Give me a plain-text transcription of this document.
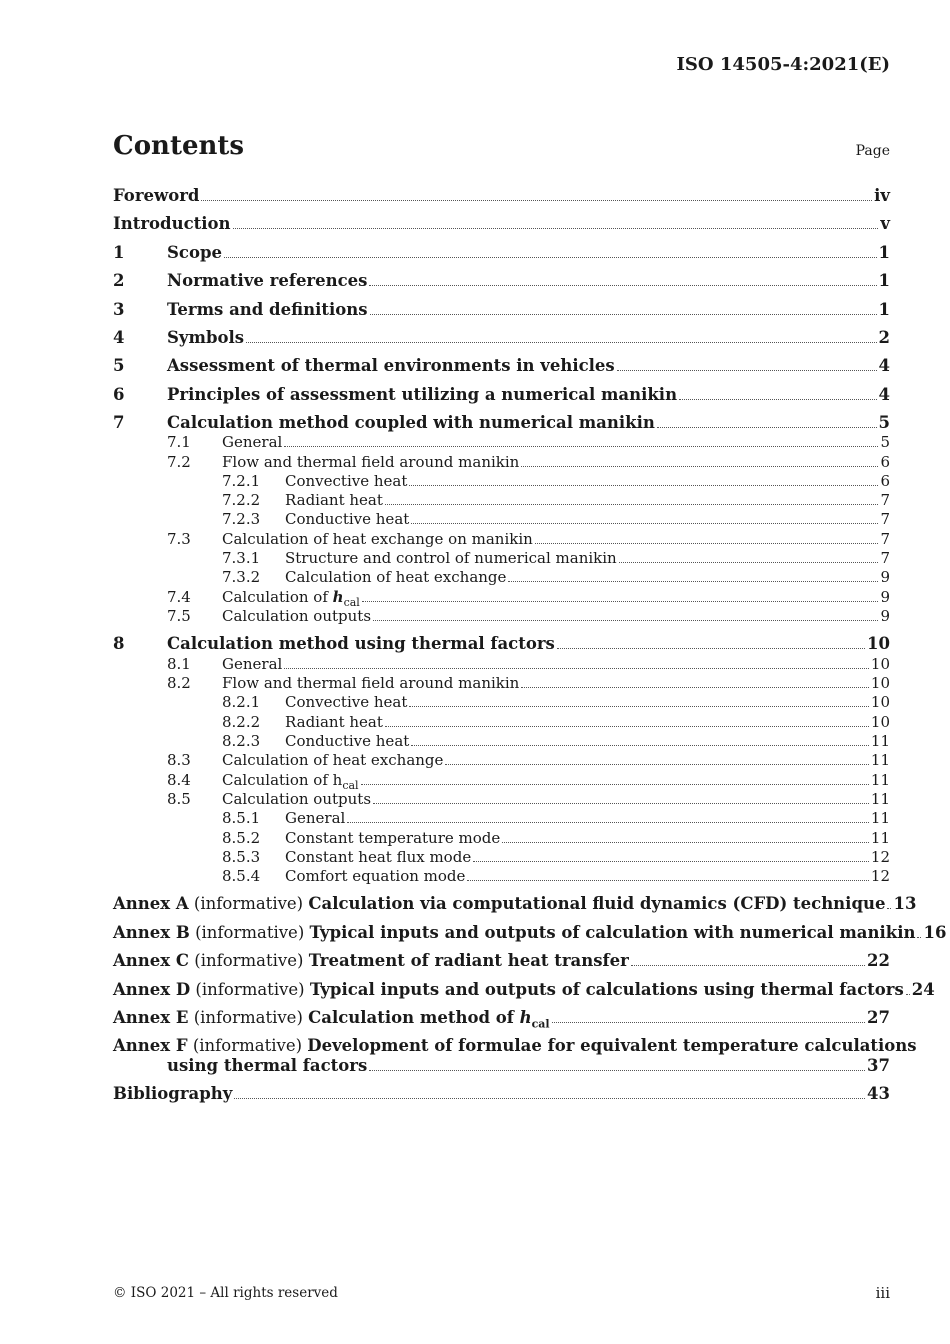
ISO 14505-4:2021(E)
Contents	Page
Foreword	iv
Introduction	v
1	Scope	1
2	Normative references	1
3	Terms and definitions	1
4	Symbols	2
5	Assessment of thermal environments in vehicles	4
6	Principles of assessment utilizing a numerical manikin	4
7	Calculation method coupled with numerical manikin	5
7.1	General	5
7.2	Flow and thermal field around manikin	6
7.2.1	Convective heat	6
7.2.2	Radiant heat	7
7.2.3	Conductive heat	7
7.3	Calculation of heat exchange on manikin	7
7.3.1	Structure and control of numerical manikin	7
7.3.2	Calculation of heat exchange	9
7.4	Calculation of $h_{cal}$	9
7.5	Calculation outputs	9
8	Calculation method using thermal factors	10
8.1	General	10
8.2	Flow and thermal field around manikin	10
8.2.1	Convective heat	10
8.2.2	Radiant heat	10
8.2.3	Conductive heat	11
8.3	Calculation of heat exchange	11
8.4	Calculation of $h_{cal}$	11
8.5	Calculation outputs	11
8.5.1	General	11
8.5.2	Constant temperature mode	11
8.5.3	Constant heat flux mode	12
8.5.4	Comfort equation mode	12
Annex A (informative) Calculation via computational fluid dynamics (CFD) technique 13
Annex B (informative) Typical inputs and outputs of calculation with numerical manikin 16
Annex C (informative) Treatment of radiant heat transfer	22
Annex D (informative) Typical inputs and outputs of calculations using thermal factors 24
Annex E (informative) Calculation method of $h_{cal}$	27
Annex F (informative) Development of formulae for equivalent temperature calculations
using thermal factors	37
Bibliography	43
© ISO 2021 – All rights reserved	iii
